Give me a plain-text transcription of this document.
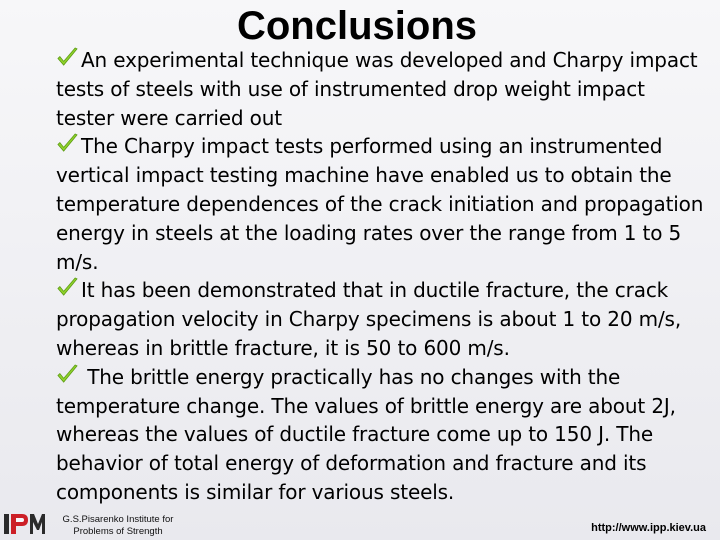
Conclusions
An experimental technique was developed and Charpy impact tests of steels with use of instrumented drop weight impact tester were carried out
The Charpy impact tests performed using an instrumented vertical impact testing machine have enabled us to obtain the temperature dependences of the crack initiation and propagation energy in steels at the loading rates over the range from 1 to 5 m/s.
It has been demonstrated that in ductile fracture, the crack propagation velocity in Charpy specimens is about 1 to 20 m/s, whereas in brittle fracture, it is 50 to 600 m/s.
The brittle energy practically has no changes with the temperature change. The values of brittle energy are about 2J, whereas the values of ductile fracture come up to 150 J. The behavior of total energy of deformation and fracture and its components is similar for various steels.
G.S.Pisarenko Institute for
Problems of Strength	http://www.ipp.kiev.ua
